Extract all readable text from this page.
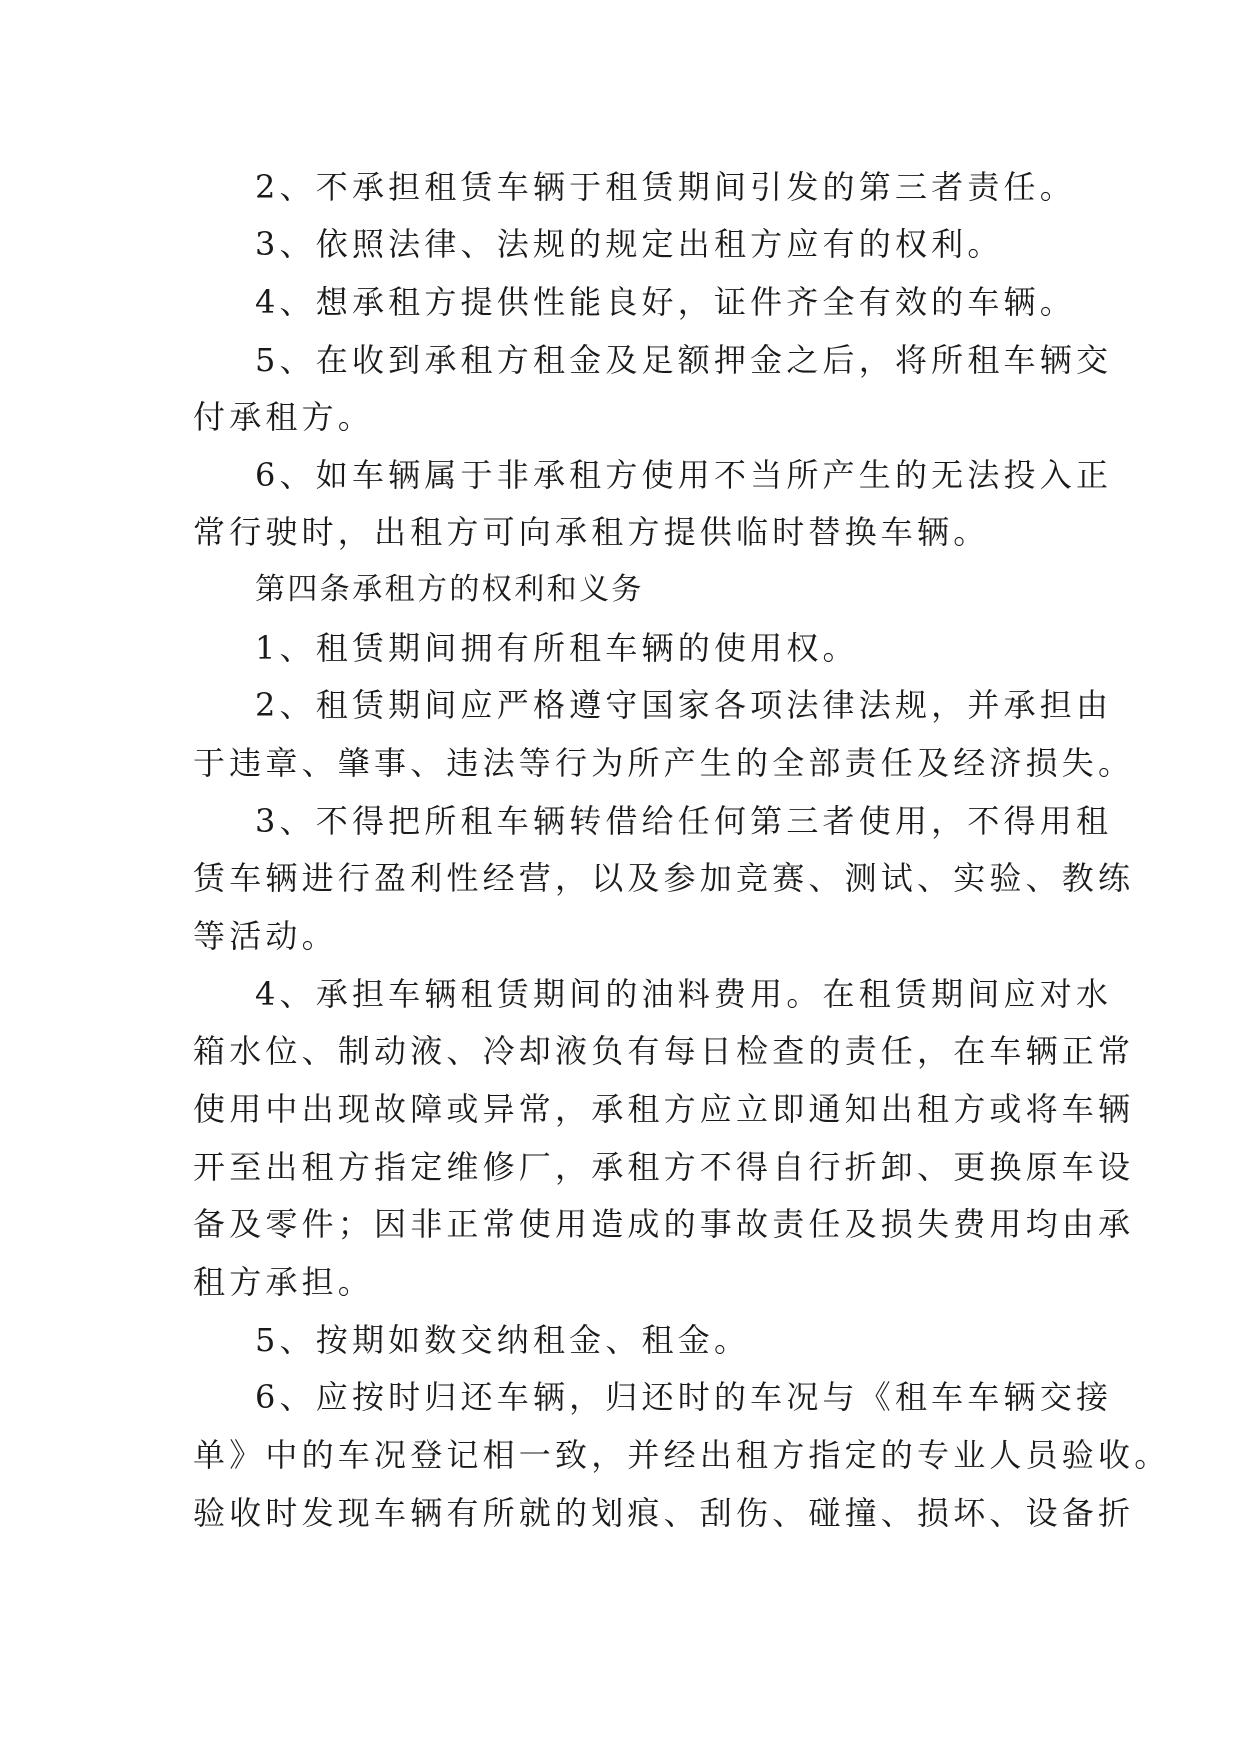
2、不承担租赁车辆于租赁期间引发的第三者责任。
3、依照法律、法规的规定出租方应有的权利。
4、想承租方提供性能良好，证件齐全有效的车辆。
5、在收到承租方租金及足额押金之后，将所租车辆交
付承租方。
6、如车辆属于非承租方使用不当所产生的无法投入正
常行驶时，出租方可向承租方提供临时替换车辆。
第四条承租方的权利和义务
1、租赁期间拥有所租车辆的使用权。
2、租赁期间应严格遵守国家各项法律法规，并承担由
于违章、肇事、违法等行为所产生的全部责任及经济损失。
3、不得把所租车辆转借给任何第三者使用，不得用租
赁车辆进行盈利性经营，以及参加竞赛、测试、实验、教练
等活动。
4、承担车辆租赁期间的油料费用。在租赁期间应对水
箱水位、制动液、冷却液负有每日检查的责任，在车辆正常
使用中出现故障或异常，承租方应立即通知出租方或将车辆
开至出租方指定维修厂，承租方不得自行折卸、更换原车设
备及零件；因非正常使用造成的事故责任及损失费用均由承
租方承担。
5、按期如数交纳租金、租金。
6、应按时归还车辆，归还时的车况与《租车车辆交接
单》中的车况登记相一致，并经出租方指定的专业人员验收。
验收时发现车辆有所就的划痕、刮伤、碰撞、损坏、设备折
